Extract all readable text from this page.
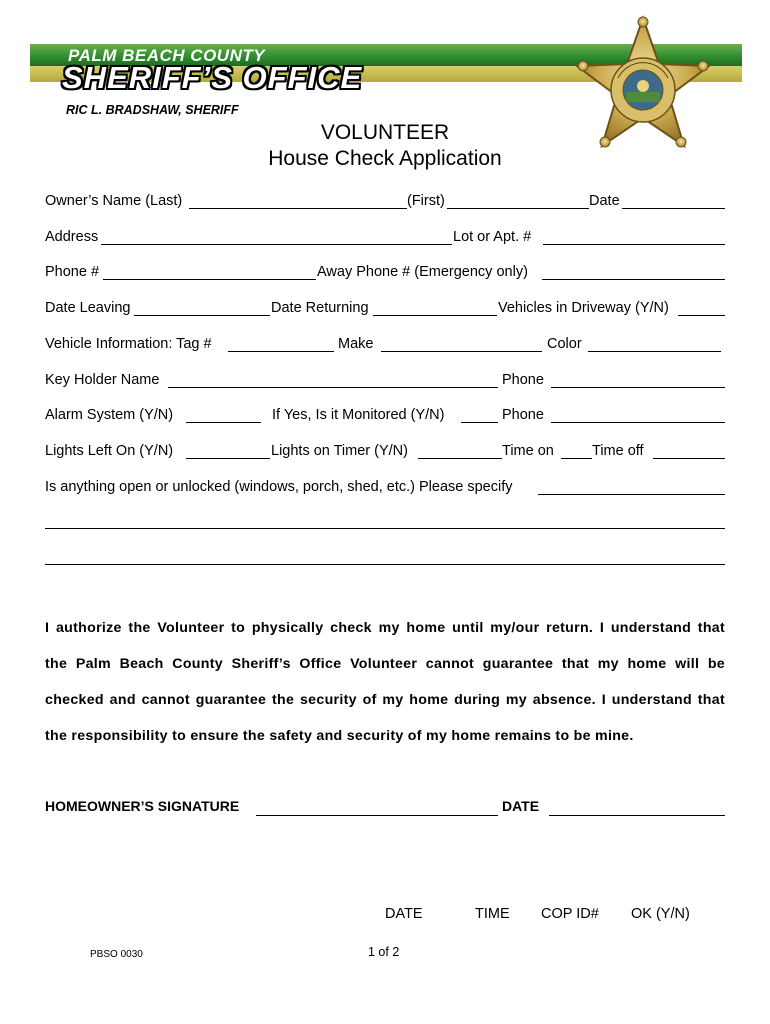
PALM BEACH COUNTY
SHERIFF’S OFFICE
RIC L. BRADSHAW, SHERIFF
VOLUNTEER
House Check Application
Owner’s Name (Last)	(First)	Date
Address	Lot or Apt. #
Phone #	Away Phone # (Emergency only)
Date Leaving	Date Returning	Vehicles in Driveway (Y/N)
Vehicle Information: Tag #	Make	Color
Key Holder Name	Phone
Alarm System (Y/N)	If Yes, Is it Monitored (Y/N)	Phone
Lights Left On (Y/N)	Lights on Timer (Y/N)	Time on	Time off
Is anything open or unlocked (windows, porch, shed, etc.) Please specify
I authorize the Volunteer to physically check my home until my/our return. I understand that
the Palm Beach County Sheriff’s Office Volunteer cannot guarantee that my home will be
checked and cannot guarantee the security of my home during my absence. I understand that
the responsibility to ensure the safety and security of my home remains to be mine.
HOMEOWNER’S SIGNATURE	DATE
DATE	TIME COP ID# OK (Y/N)
PBSO 0030	1 of 2
